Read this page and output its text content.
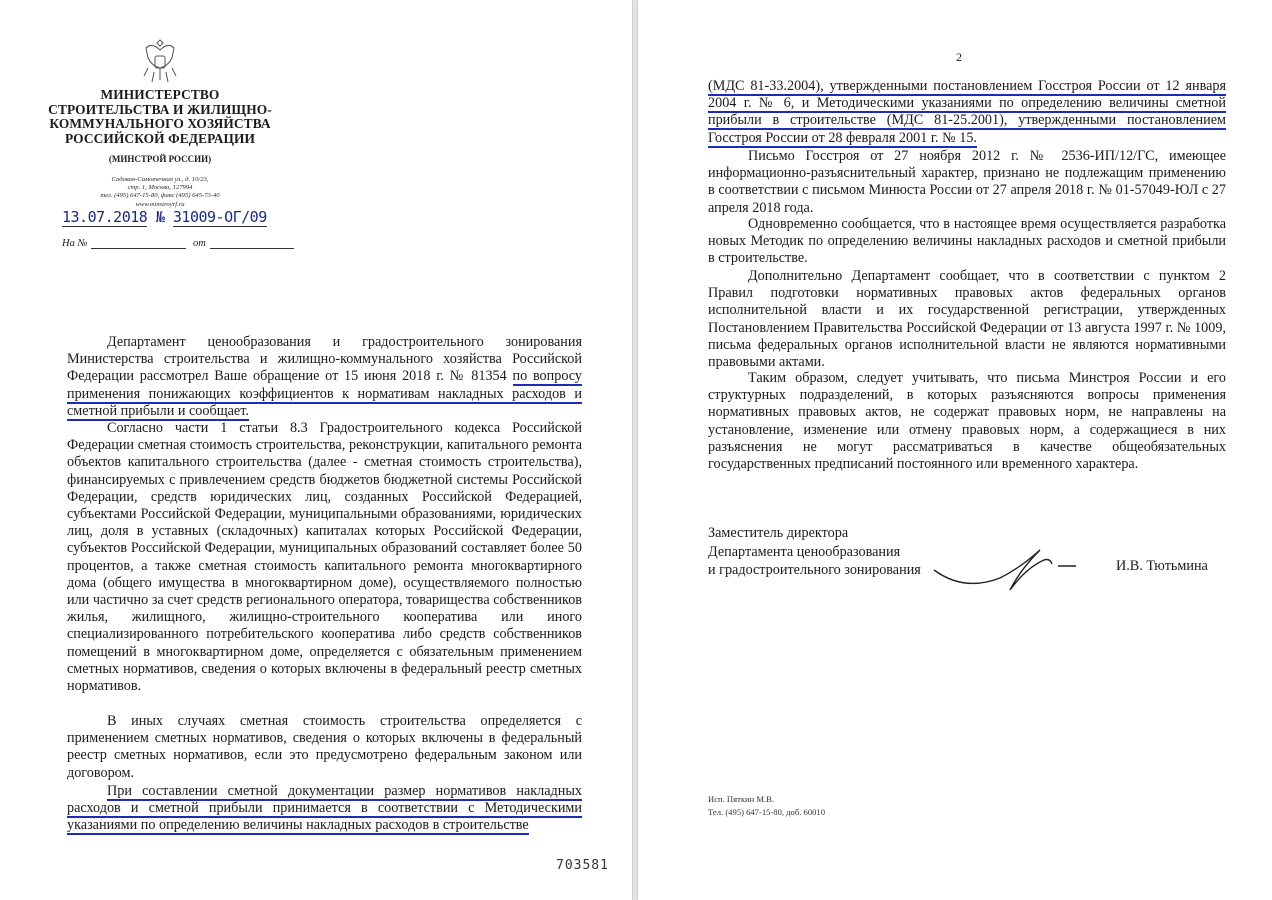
МИНИСТЕРСТВО
СТРОИТЕЛЬСТВА И ЖИЛИЩНО-
КОММУНАЛЬНОГО ХОЗЯЙСТВА
РОССИЙСКОЙ ФЕДЕРАЦИИ
(МИНСТРОЙ РОССИИ)
Садовая-Самотечная ул., д. 10/23,
стр. 1, Москва, 127994
тел. (495) 647-15-80, факс (495) 645-73-40
www.minstroyrf.ru
13.07.2018 № 31009-ОГ/09
На №	от
Департамент ценообразования и градостроительного зонирования Министерства строительства и жилищно-коммунального хозяйства Российской Федерации рассмотрел Ваше обращение от 15 июня 2018 г. № 81354 по вопросу применения понижающих коэффициентов к нормативам накладных расходов и сметной прибыли и сообщает.
Согласно части 1 статьи 8.3 Градостроительного кодекса Российской Федерации сметная стоимость строительства, реконструкции, капитального ремонта объектов капитального строительства (далее - сметная стоимость строительства), финансируемых с привлечением средств бюджетов бюджетной системы Российской Федерации, средств юридических лиц, созданных Российской Федерацией, субъектами Российской Федерации, муниципальными образованиями, юридических лиц, доля в уставных (складочных) капиталах которых Российской Федерации, субъектов Российской Федерации, муниципальных образований составляет более 50 процентов, а также сметная стоимость капитального ремонта многоквартирного дома (общего имущества в многоквартирном доме), осуществляемого полностью или частично за счет средств регионального оператора, товарищества собственников жилья, жилищного, жилищно-строительного кооператива или иного специализированного потребительского кооператива либо средств собственников помещений в многоквартирном доме, определяется с обязательным применением сметных нормативов, сведения о которых включены в федеральный реестр сметных нормативов.
В иных случаях сметная стоимость строительства определяется с применением сметных нормативов, сведения о которых включены в федеральный реестр сметных нормативов, если это предусмотрено федеральным законом или договором.
При составлении сметной документации размер нормативов накладных расходов и сметной прибыли принимается в соответствии с Методическими указаниями по определению величины накладных расходов в строительстве
703581
2
(МДС 81-33.2004), утвержденными постановлением Госстроя России от 12 января 2004 г. № 6, и Методическими указаниями по определению величины сметной прибыли в строительстве (МДС 81-25.2001), утвержденными постановлением Госстроя России от 28 февраля 2001 г. № 15.
Письмо Госстроя от 27 ноября 2012 г. № 2536-ИП/12/ГС, имеющее информационно-разъяснительный характер, признано не подлежащим применению в соответствии с письмом Минюста России от 27 апреля 2018 г. № 01-57049-ЮЛ с 27 апреля 2018 года.
Одновременно сообщается, что в настоящее время осуществляется разработка новых Методик по определению величины накладных расходов и сметной прибыли в строительстве.
Дополнительно Департамент сообщает, что в соответствии с пунктом 2 Правил подготовки нормативных правовых актов федеральных органов исполнительной власти и их государственной регистрации, утвержденных Постановлением Правительства Российской Федерации от 13 августа 1997 г. № 1009, письма федеральных органов исполнительной власти не являются нормативными правовыми актами.
Таким образом, следует учитывать, что письма Минстроя России и его структурных подразделений, в которых разъясняются вопросы применения нормативных правовых актов, не содержат правовых норм, не направлены на установление, изменение или отмену правовых норм, а содержащиеся в них разъяснения не могут рассматриваться в качестве общеобязательных государственных предписаний постоянного или временного характера.
Заместитель директора
Департамента ценообразования
и градостроительного зонирования	И.В. Тютьмина
Исп. Пяткин М.В.
Тел. (495) 647-15-80, доб. 60010
